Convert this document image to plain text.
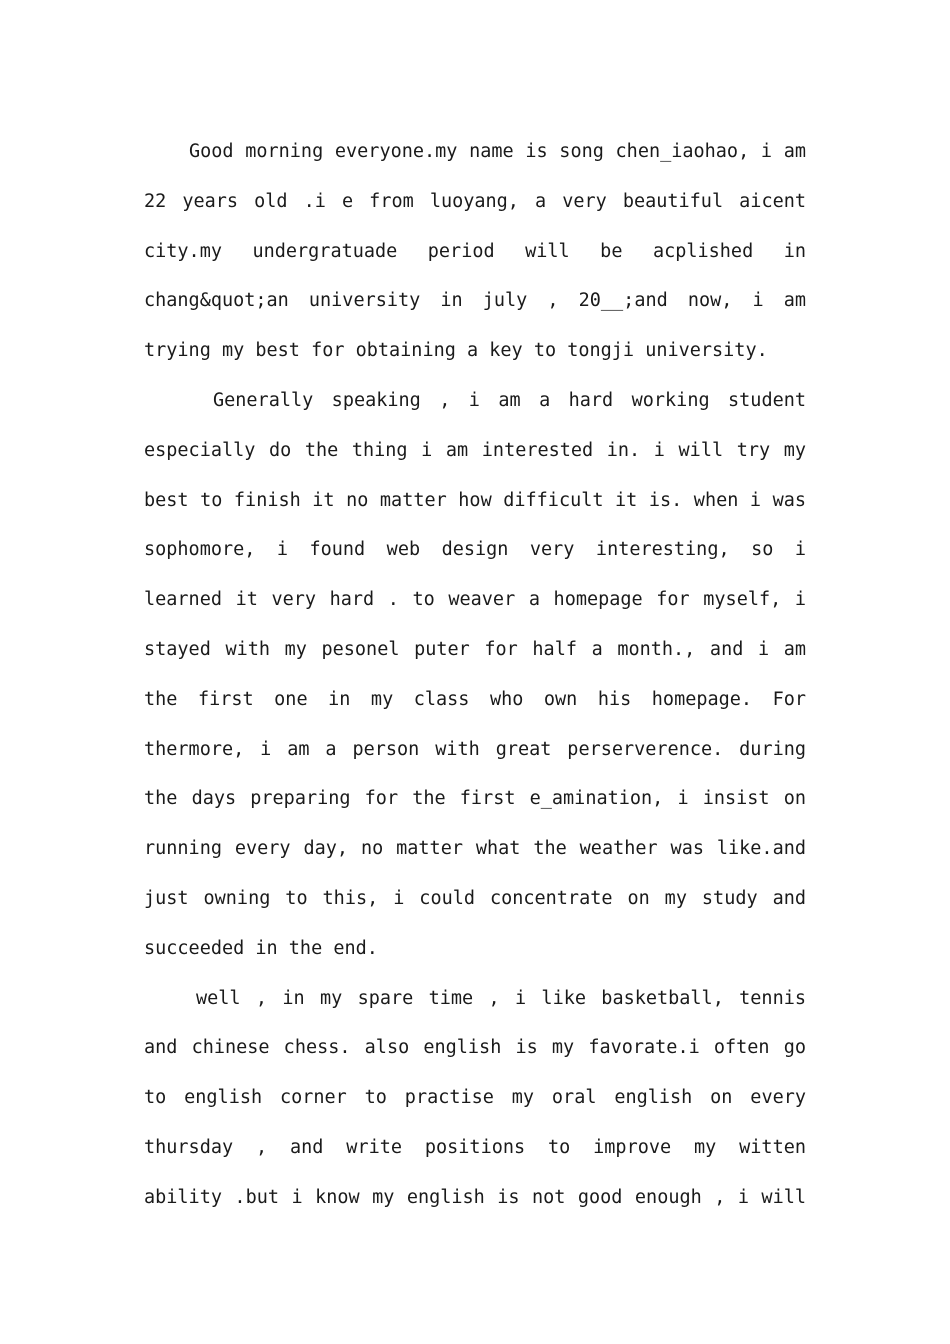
Good morning everyone.my name is song chen_iaohao, i am
22 years old .i e from luoyang, a very beautiful aicent
city.my undergratuade period will be acplished in
chang&quot;an university in july , 20__;and now, i am
trying my best for obtaining a key to tongji university.
Generally speaking , i am a hard working student
especially do the thing i am interested in. i will try my
best to finish it no matter how difficult it is. when i was
sophomore, i found web design very interesting, so i
learned it very hard . to weaver a homepage for myself, i
stayed with my pesonel puter for half a month., and i am
the first one in my class who own his homepage. For
thermore, i am a person with great perserverence. during
the days preparing for the first e_amination, i insist on
running every day, no matter what the weather was like.and
just owning to this, i could concentrate on my study and
succeeded in the end.
well , in my spare time , i like basketball, tennis
and chinese chess. also english is my favorate.i often go
to english corner to practise my oral english on every
thursday , and write positions to improve my witten
ability .but i know my english is not good enough , i will
